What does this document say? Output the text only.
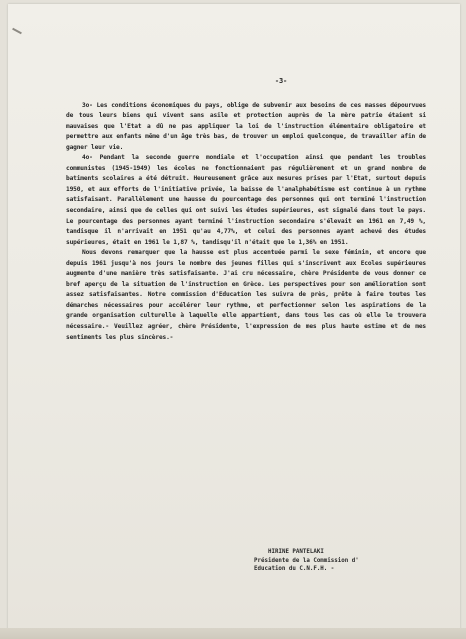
-3-

3o- Les conditions économiques du pays, oblige de subvenir aux besoins de ces masses dépourvues de tous leurs biens qui vivent sans asile et protection auprès de la mère patrie étaient si mauvaises que l'Etat a dû ne pas appliquer la loi de l'instruction élémentaire obligatoire et permettre aux enfants même d'un âge très bas, de trouver un emploi quelconque, de travailler afin de gagner leur vie.

4o- Pendant la seconde guerre mondiale et l'occupation ainsi que pendant les troubles communistes (1945-1949) les écoles ne fonctionnaient pas régulièrement et un grand nombre de batiments scolaires a été détruit. Heureusement grâce aux mesures prises par l'Etat, surtout depuis 1950, et aux efforts de l'initiative privée, la baisse de l'analphabétisme est continue à un rythme satisfaisant. Parallèlement une hausse du pourcentage des personnes qui ont terminé l'instruction secondaire, ainsi que de celles qui ont suivi les études supérieures, est signalé dans tout le pays. Le pourcentage des personnes ayant terminé l'instruction secondaire s'élevait en 1961 en 7,49 %, tandisque il n'arrivait en 1951 qu'au 4,77%, et celui des personnes ayant achevé des études supérieures, était en 1961 le 1,87 %, tandisqu'il n'était que le 1,36% en 1951.

Nous devons remarquer que la hausse est plus accentuée parmi le sexe féminin, et encore que depuis 1961 jusqu'à nos jours le nombre des jeunes filles qui s'inscrivent aux Ecoles supérieures augmente d'une manière très satisfaisante. J'ai cru nécessaire, chère Présidente de vous donner ce bref aperçu de la situation de l'instruction en Grèce. Les perspectives pour son amélioration sont assez satisfaisantes. Notre commission d'Education les suivra de près, prête à faire toutes les démarches nécessaires pour accélérer leur rythme, et perfectionner selon les aspirations de la grande organisation culturelle à laquelle elle appartient, dans tous les cas où elle le trouvera nécessaire.- Veuillez agréer, chère Présidente, l'expression de mes plus haute estime et de mes sentiments les plus sincères.-

HIRINE PANTELAKI
Présidente de la Commission d'
Education du C.N.F.H. -
